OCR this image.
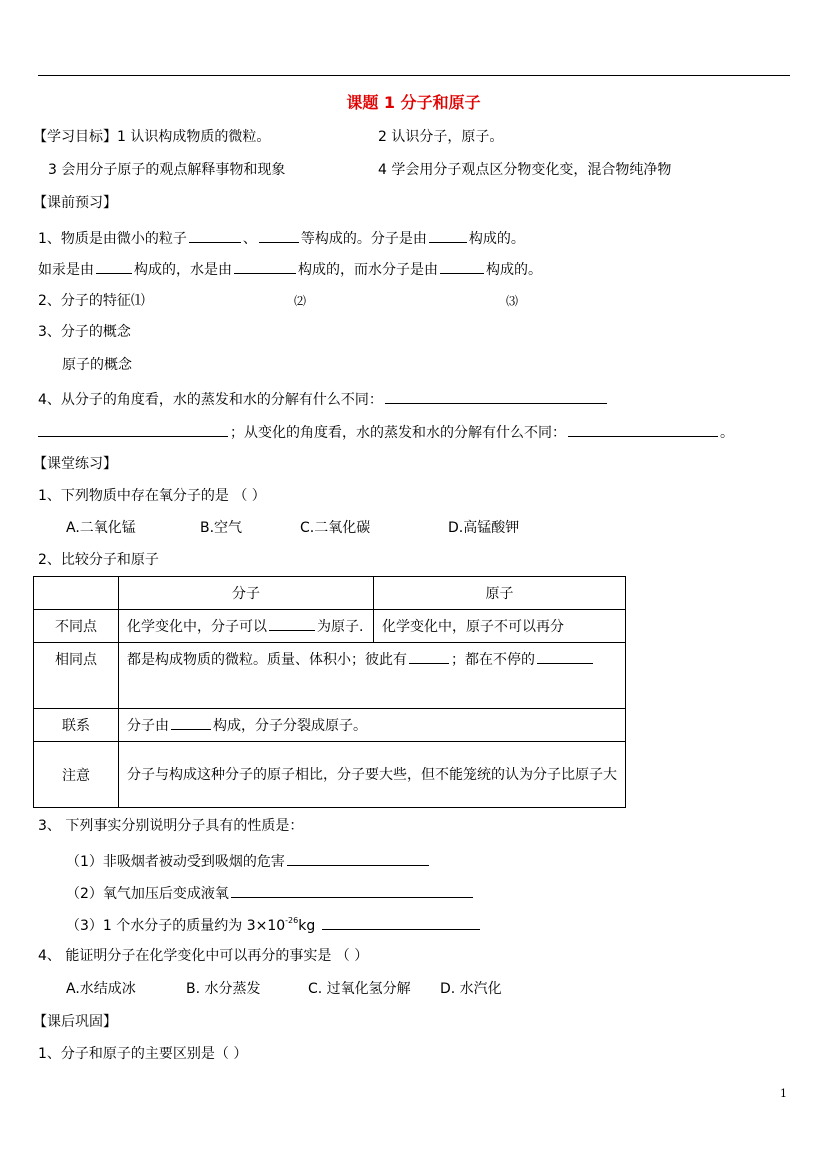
课题 1 分子和原子
【学习目标】1 认识构成物质的微粒。	2 认识分子，原子。
3 会用分子原子的观点解释事物和现象	4 学会用分子观点区分物变化变，混合物纯净物
【课前预习】
1、物质是由微小的粒子	、	等构成的。分子是由	构成的。
如汞是由	构成的，水是由	构成的，而水分子是由	构成的。
2、分子的特征⑴	⑵	⑶
3、分子的概念
原子的概念
4、从分子的角度看，水的蒸发和水的分解有什么不同：
；从变化的角度看，水的蒸发和水的分解有什么不同：	。
【课堂练习】
1、下列物质中存在氧分子的是 （ ）
A.二氧化锰	B.空气	C.二氧化碳	D.高锰酸钾
2、比较分子和原子
	分子	原子
不同点	化学变化中，分子可以 为原子.	化学变化中，原子不可以再分
相同点	都是构成物质的微粒。质量、体积小；彼此有 ；都在不停的	
联系	分子由 构成，分子分裂成原子。	
注意	分子与构成这种分子的原子相比，分子要大些，但不能笼统的认为分子比原子大	
3、 下列事实分别说明分子具有的性质是：
（1）非吸烟者被动受到吸烟的危害
（2）氧气加压后变成液氧
（3）1 个水分子的质量约为 $3\times 10^{-26}kg$
4、 能证明分子在化学变化中可以再分的事实是 （ ）
A.水结成冰	B. 水分蒸发	C. 过氧化氢分解 D. 水汽化
【课后巩固】
1、分子和原子的主要区别是（ ）
1
